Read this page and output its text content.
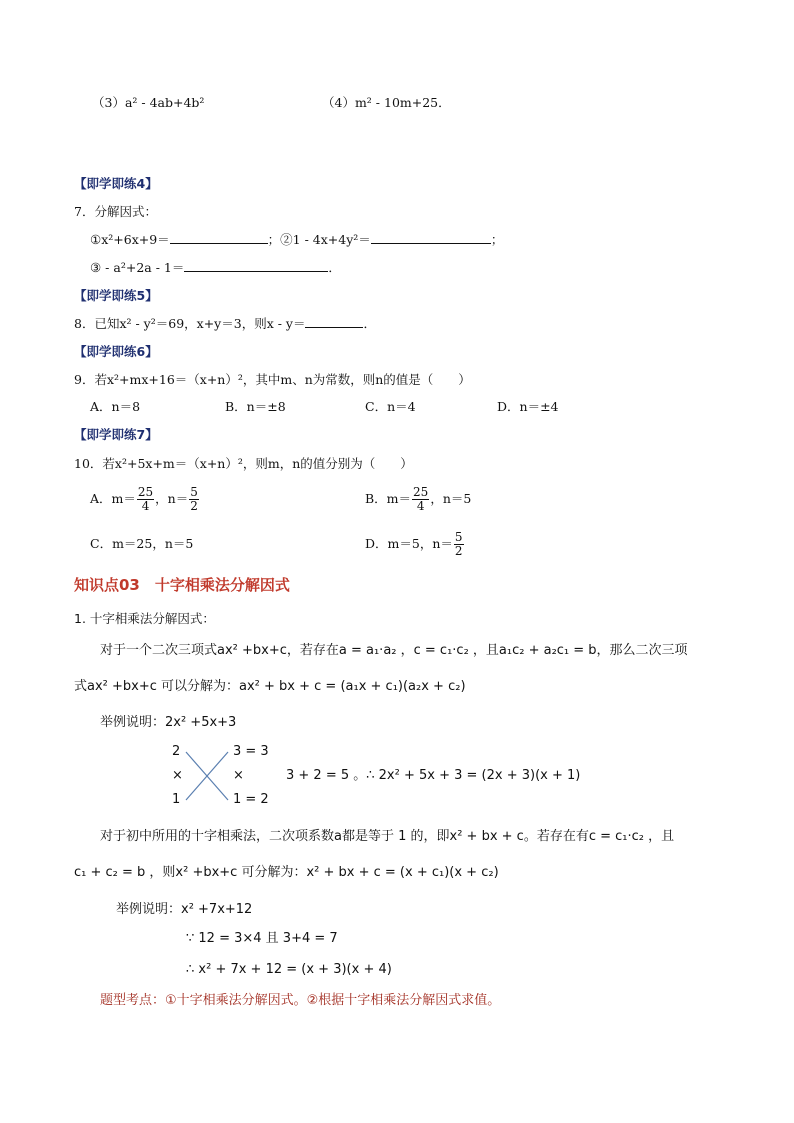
（3）a² - 4ab+4b²	（4）m² - 10m+25．
【即学即练4】
7．分解因式：
①x²+6x+9＝	；②1 - 4x+4y²＝	；
③ - a²+2a - 1＝	．
【即学即练5】
8．已知x² - y²＝69，x+y＝3，则x - y＝	．
【即学即练6】
9．若x²+mx+16＝（x+n）²，其中m、n为常数，则n的值是（　　）
A．n＝8	B．n＝±8	C．n＝4	D．n＝±4
【即学即练7】
10．若x²+5x+m＝（x+n）²，则m，n的值分别为（　　）
A．$m= \frac{25}{4}$ ，$n= \frac{5}{2}$	B．$m= \frac{25}{4}$ ，n＝5
C．m＝25，n＝5	D．m＝5，$n= \frac{5}{2}$
知识点03　十字相乘法分解因式
1. 十字相乘法分解因式：
对于一个二次三项式ax² +bx+c，若存在a = a₁·a₂ ，c = c₁·c₂ ，且a₁c₂ + a₂c₁ = b，那么二次三项
式ax² +bx+c 可以分解为：ax² + bx + c = (a₁x + c₁)(a₂x + c₂)
举例说明：2x² +5x+3
2
×
1
3 = 3
×
1 = 2
3 + 2 = 5 。∴ 2x² + 5x + 3 = (2x + 3)(x + 1)
对于初中所用的十字相乘法，二次项系数a都是等于 1 的，即x² + bx + c。若存在有c = c₁·c₂ ，且
c₁ + c₂ = b ，则x² +bx+c 可分解为：x² + bx + c = (x + c₁)(x + c₂)
举例说明：x² +7x+12
∵ 12 = 3×4 且 3+4 = 7
∴ x² + 7x + 12 = (x + 3)(x + 4)
题型考点：①十字相乘法分解因式。②根据十字相乘法分解因式求值。
